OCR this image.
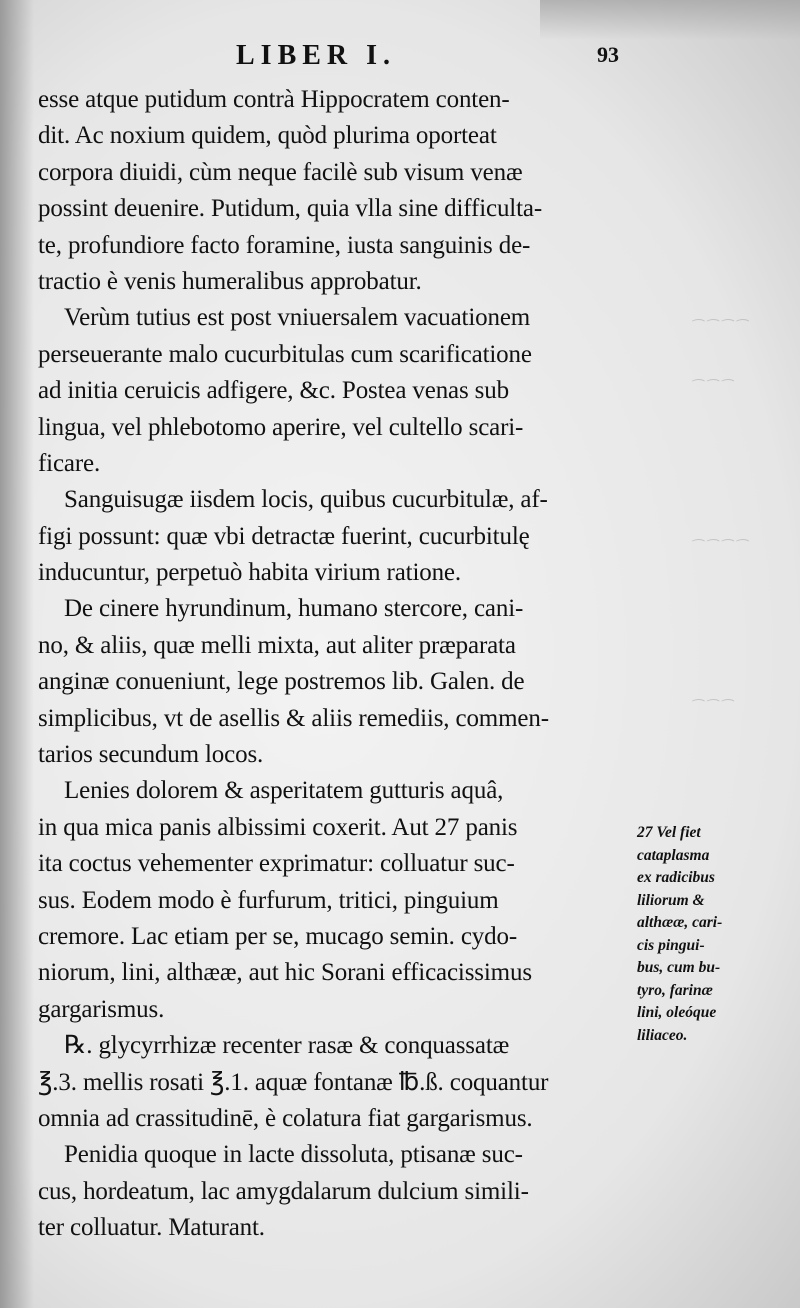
⁀ ⁀ ⁀ ⁀
⁀ ⁀ ⁀
⁀ ⁀ ⁀ ⁀
⁀ ⁀ ⁀
LIBER I.	93
esse atque putidum contrà Hippocratem conten-
dit. Ac noxium quidem, quòd plurima oporteat
corpora diuidi, cùm neque facilè sub visum venæ
possint deuenire. Putidum, quia vlla sine difficulta-
te, profundiore facto foramine, iusta sanguinis de-
tractio è venis humeralibus approbatur.
Verùm tutius est post vniuersalem vacuationem
perseuerante malo cucurbitulas cum scarificatione
ad initia ceruicis adfigere, &c. Postea venas sub
lingua, vel phlebotomo aperire, vel cultello scari-
ficare.
Sanguisugæ iisdem locis, quibus cucurbitulæ, af-
figi possunt: quæ vbi detractæ fuerint, cucurbitulę
inducuntur, perpetuò habita virium ratione.
De cinere hyrundinum, humano stercore, cani-
no, & aliis, quæ melli mixta, aut aliter præparata
anginæ conueniunt, lege postremos lib. Galen. de
simplicibus, vt de asellis & aliis remediis, commen-
tarios secundum locos.
Lenies dolorem & asperitatem gutturis aquâ,
in qua mica panis albissimi coxerit. Aut 27 panis
ita coctus vehementer exprimatur: colluatur suc-
sus. Eodem modo è furfurum, tritici, pinguium
cremore. Lac etiam per se, mucago semin. cydo-
niorum, lini, althææ, aut hic Sorani efficacissimus
gargarismus.
℞. glycyrrhizæ recenter rasæ & conquassatæ
℥.3. mellis rosati ℥.1. aquæ fontanæ ℔.ß. coquantur
omnia ad crassitudinē, è colatura fiat gargarismus.
Penidia quoque in lacte dissoluta, ptisanæ suc-
cus, hordeatum, lac amygdalarum dulcium simili-
ter colluatur. Maturant.
27 Vel fiet
cataplasma
ex radicibus
liliorum &
althææ, cari-
cis pingui-
bus, cum bu-
tyro, farinæ
lini, oleóque
liliaceo.
